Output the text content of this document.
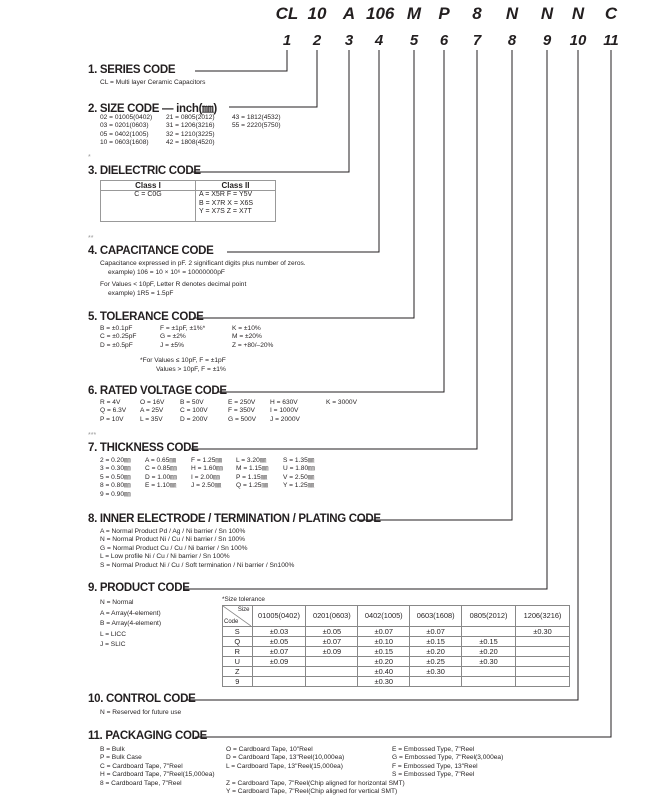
CL 10 A 106 M	P	8	N	N	N	C
1	2	3	4	5	6	7	8	9	10	11
1. SERIES CODE
CL = Multi layer Ceramic Capacitors
2. SIZE CODE — inch(㎜)
02 = 01005(0402)
03 = 0201(0603)
05 = 0402(1005)
10 = 0603(1608)
21 = 0805(2012)
31 = 1206(3216)
32 = 1210(3225)
42 = 1808(4520)
43 = 1812(4532)
55 = 2220(5750)
*
3. DIELECTRIC CODE
Class I	Class II
C = C0G	A = X5R F = Y5V
B = X7R X = X6S
Y = X7S Z = X7T
**
4. CAPACITANCE CODE
Capacitance expressed in pF. 2 significant digits plus number of zeros.
example) 106 = 10 × 10⁶ = 10000000pF
For Values < 10pF, Letter R denotes decimal point
example) 1R5 = 1.5pF
5. TOLERANCE CODE
B = ±0.1pF
C = ±0.25pF
D = ±0.5pF
F = ±1pF, ±1%*
G = ±2%
J = ±5%
K = ±10%
M = ±20%
Z = +80/–20%
*For Values ≤ 10pF, F = ±1pF
Values > 10pF, F = ±1%
6. RATED VOLTAGE CODE
R = 4V
Q = 6.3V
P = 10V
O = 16V
A = 25V
L = 35V
B = 50V
C = 100V
D = 200V
E = 250V
F = 350V
G = 500V
H = 630V
I = 1000V
J = 2000V
K = 3000V
***
7. THICKNESS CODE
2 = 0.20㎜
3 = 0.30㎜
5 = 0.50㎜
8 = 0.80㎜
9 = 0.90㎜
A = 0.65㎜
C = 0.85㎜
D = 1.00㎜
E = 1.10㎜
F = 1.25㎜
H = 1.60㎜
I = 2.00㎜
J = 2.50㎜
L = 3.20㎜
M = 1.15㎜
P = 1.15㎜
Q = 1.25㎜
S = 1.35㎜
U = 1.80㎜
V = 2.50㎜
Y = 1.25㎜
8. INNER ELECTRODE / TERMINATION / PLATING CODE
A = Normal Product Pd / Ag / Ni barrier / Sn 100%
N = Normal Product Ni / Cu / Ni barrier / Sn 100%
G = Normal Product Cu / Cu / Ni barrier / Sn 100%
L = Low profile Ni / Cu / Ni barrier / Sn 100%
S = Normal Product Ni / Cu / Soft termination / Ni barrier / Sn100%
9. PRODUCT CODE
N = Normal
A = Array(4-element)
B = Array(4-element)
L = LICC
J = SLIC
*Size tolerance
Size
Code	01005(0402)	0201(0603)	0402(1005)	0603(1608)	0805(2012)	1206(3216)
S	±0.03	±0.05	±0.07	±0.07		±0.30
Q	±0.05	±0.07	±0.10	±0.15	±0.15	
R	±0.07	±0.09	±0.15	±0.20	±0.20	
U	±0.09		±0.20	±0.25	±0.30	
Z			±0.40	±0.30		
9			±0.30			
10. CONTROL CODE
N = Reserved for future use
11. PACKAGING CODE
B = Bulk
P = Bulk Case
C = Cardboard Tape, 7"Reel
H = Cardboard Tape, 7"Reel(15,000ea)
8 = Cardboard Tape, 7"Reel
O = Cardboard Tape, 10"Reel
D = Cardboard Tape, 13"Reel(10,000ea)
L = Cardboard Tape, 13"Reel(15,000ea)
Z = Cardboard Tape, 7"Reel(Chip aligned for horizontal SMT)
Y = Cardboard Tape, 7"Reel(Chip aligned for vertical SMT)
E = Embossed Type, 7"Reel
G = Embossed Type, 7"Reel(3,000ea)
F = Embossed Type, 13"Reel
S = Embossed Type, 7"Reel
